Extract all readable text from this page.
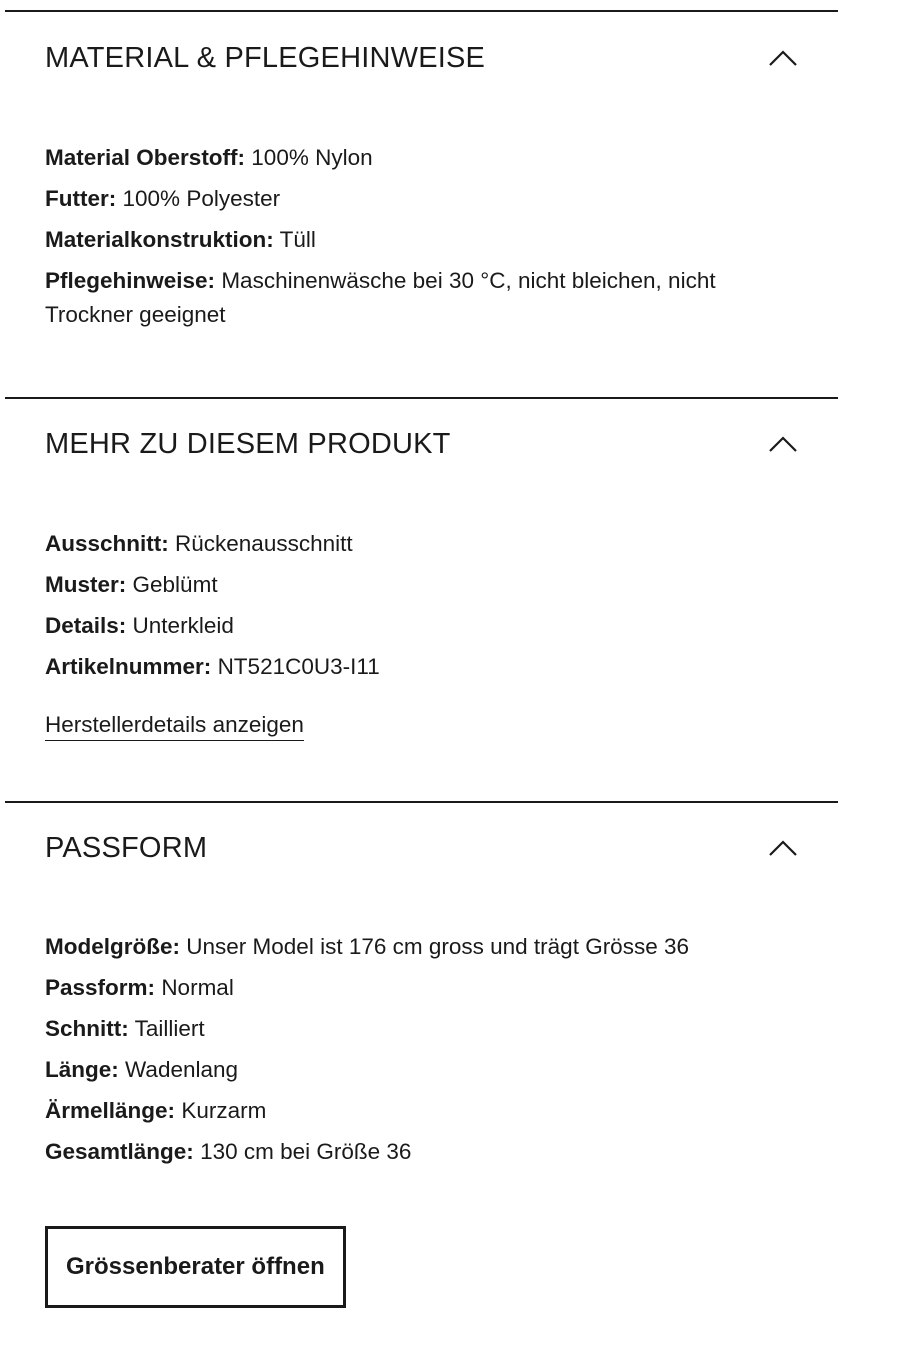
MATERIAL & PFLEGEHINWEISE
Material Oberstoff: 100% Nylon
Futter: 100% Polyester
Materialkonstruktion: Tüll
Pflegehinweise: Maschinenwäsche bei 30 °C, nicht bleichen, nicht Trockner geeignet
MEHR ZU DIESEM PRODUKT
Ausschnitt: Rückenausschnitt
Muster: Geblümt
Details: Unterkleid
Artikelnummer: NT521C0U3-I11
Herstellerdetails anzeigen
PASSFORM
Modelgröße: Unser Model ist 176 cm gross und trägt Grösse 36
Passform: Normal
Schnitt: Tailliert
Länge: Wadenlang
Ärmellänge: Kurzarm
Gesamtlänge: 130 cm bei Größe 36
Grössenberater öffnen
